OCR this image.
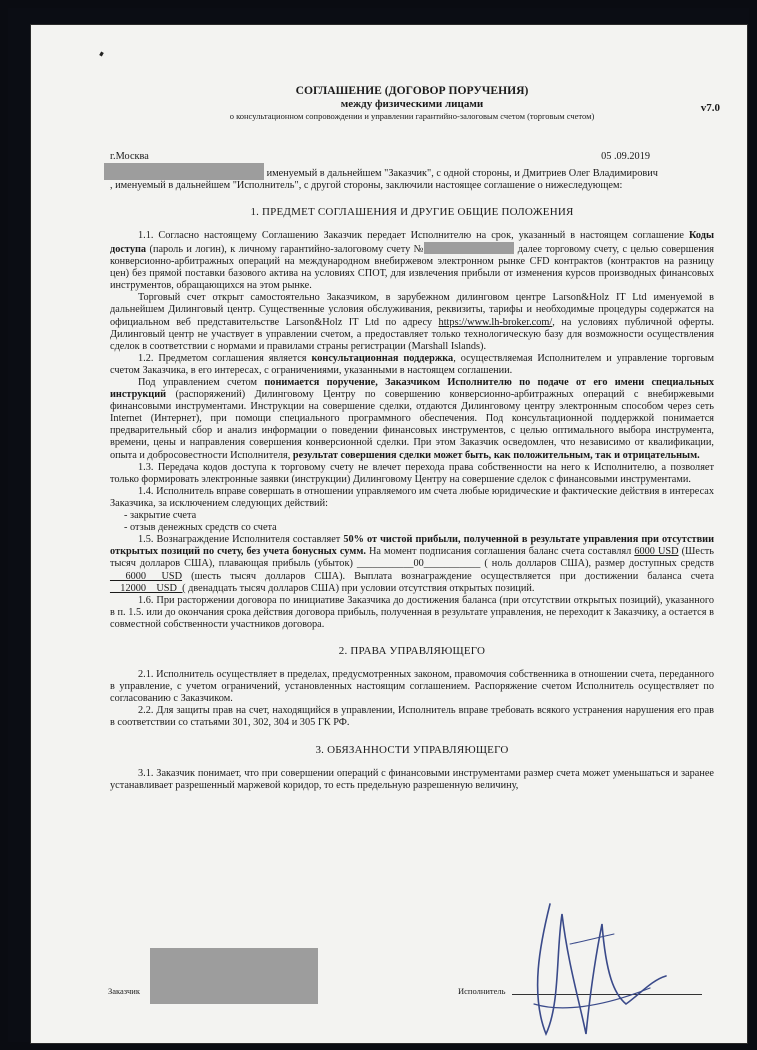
v7.0
СОГЛАШЕНИЕ (ДОГОВОР ПОРУЧЕНИЯ)
между физическими лицами
о консультационном сопровождении и управлении гарантийно-залоговым счетом (торговым счетом)
г.Москва	05 .09.2019

именуемый в дальнейшем "Заказчик", с одной стороны, и Дмитриев Олег Владимирович
, именуемый в дальнейшем "Исполнитель", с другой стороны, заключили настоящее соглашение о нижеследующем:

1. ПРЕДМЕТ СОГЛАШЕНИЯ И ДРУГИЕ ОБЩИЕ ПОЛОЖЕНИЯ

1.1. Согласно настоящему Соглашению Заказчик передает Исполнителю на срок, указанный в настоящем соглашение Коды доступа (пароль и логин), к личному гарантийно-залоговому счету №	далее торговому счету, с целью совершения конверсионно-арбитражных операций на международном внебиржевом электронном рынке CFD контрактов (контрактов на разницу цен) без прямой поставки базового актива на условиях СПОТ, для извлечения прибыли от изменения курсов производных финансовых инструментов, обращающихся на этом рынке.

Торговый счет открыт самостоятельно Заказчиком, в зарубежном дилинговом центре Larson&Holz IT Ltd именуемой в дальнейшем Дилинговый центр. Существенные условия обслуживания, реквизиты, тарифы и необходимые процедуры содержатся на официальном веб представительстве Larson&Holz IT Ltd по адресу https://www.lh-broker.com/, на условиях публичной оферты. Дилинговый центр не участвует в управлении счетом, а предоставляет только технологическую базу для возможности осуществления сделок в соответствии с нормами и правилами страны регистрации (Marshall Islands).

1.2. Предметом соглашения является консультационная поддержка, осуществляемая Исполнителем и управление торговым счетом Заказчика, в его интересах, с ограничениями, указанными в настоящем соглашении.

Под управлением счетом понимается поручение, Заказчиком Исполнителю по подаче от его имени специальных инструкций (распоряжений) Дилинговому Центру по совершению конверсионно-арбитражных операций с внебиржевыми финансовыми инструментами. Инструкции на совершение сделки, отдаются Дилинговому центру электронным способом через сеть Internet (Интернет), при помощи специального программного обеспечения. Под консультационной поддержкой понимается предварительный сбор и анализ информации о поведении финансовых инструментов, с целью оптимального выбора инструмента, времени, цены и направления совершения конверсионной сделки. При этом Заказчик осведомлен, что независимо от квалификации, опыта и добросовестности Исполнителя, результат совершения сделки может быть, как положительным, так и отрицательным.

1.3. Передача кодов доступа к торговому счету не влечет перехода права собственности на него к Исполнителю, а позволяет только формировать электронные заявки (инструкции) Дилинговому Центру на совершение сделок с финансовыми инструментами.

1.4. Исполнитель вправе совершать в отношении управляемого им счета любые юридические и фактические действия в интересах Заказчика, за исключением следующих действий:

- закрытие счета
- отзыв денежных средств со счета

1.5. Вознаграждение Исполнителя составляет 50% от чистой прибыли, полученной в результате управления при отсутствии открытых позиций по счету, без учета бонусных сумм. На момент подписания соглашения баланс счета составлял 6000 USD (Шесть тысяч долларов США), плавающая прибыль (убыток) ___________00___________ ( ноль долларов США), размер доступных средств ___6000___USD (шесть тысяч долларов США). Выплата вознаграждение осуществляется при достижении баланса счета __12000__USD_( двенадцать тысяч долларов США) при условии отсутствия открытых позиций.

1.6. При расторжении договора по инициативе Заказчика до достижения баланса (при отсутствии открытых позиций), указанного в п. 1.5. или до окончания срока действия договора прибыль, полученная в результате управления, не переходит к Заказчику, а остается в совместной собственности участников договора.

2. ПРАВА УПРАВЛЯЮЩЕГО

2.1. Исполнитель осуществляет в пределах, предусмотренных законом, правомочия собственника в отношении счета, переданного в управление, с учетом ограничений, установленных настоящим соглашением. Распоряжение счетом Исполнитель осуществляет по согласованию с Заказчиком.

2.2. Для защиты прав на счет, находящийся в управлении, Исполнитель вправе требовать всякого устранения нарушения его прав в соответствии со статьями 301, 302, 304 и 305 ГК РФ.

3. ОБЯЗАННОСТИ УПРАВЛЯЮЩЕГО

3.1. Заказчик понимает, что при совершении операций с финансовыми инструментами размер счета может уменьшаться и заранее устанавливает разрешенный маржевой коридор, то есть предельную разрешенную величину,

Заказчик	Исполнитель
